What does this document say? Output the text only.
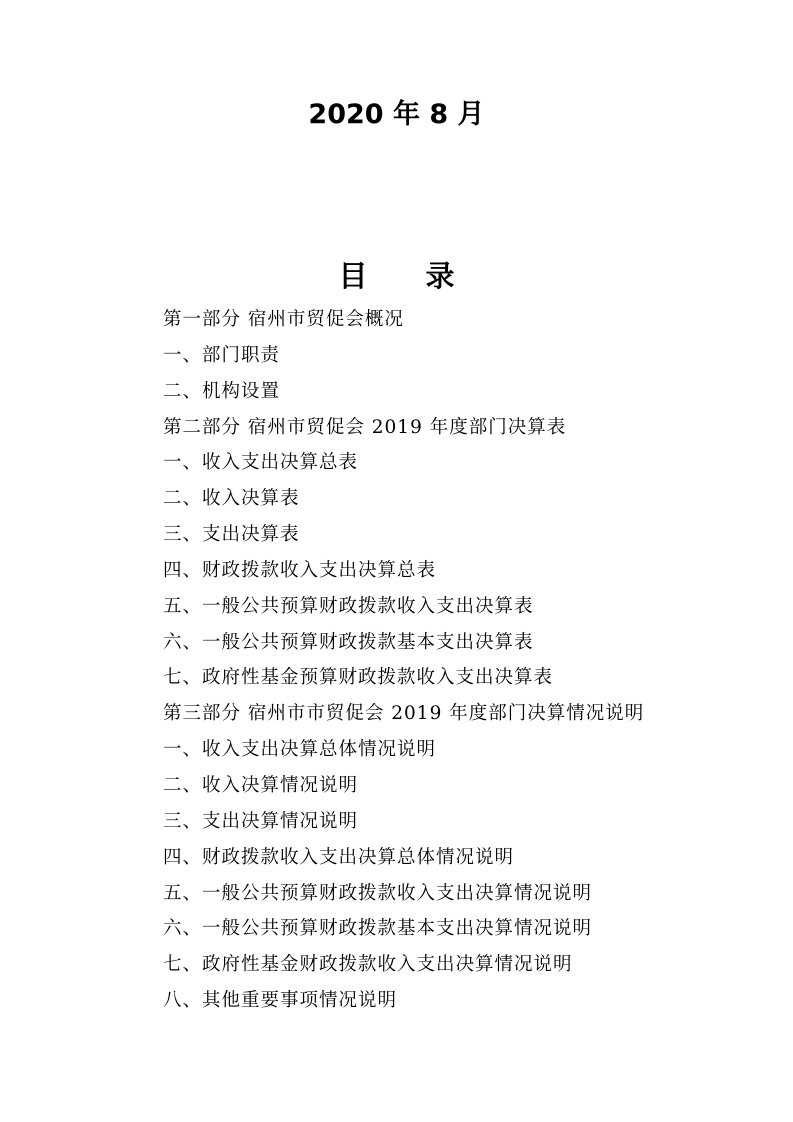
2020 年 8 月
目 录
第一部分 宿州市贸促会概况
一、部门职责
二、机构设置
第二部分 宿州市贸促会 2019 年度部门决算表
一、收入支出决算总表
二、收入决算表
三、支出决算表
四、财政拨款收入支出决算总表
五、一般公共预算财政拨款收入支出决算表
六、一般公共预算财政拨款基本支出决算表
七、政府性基金预算财政拨款收入支出决算表
第三部分 宿州市市贸促会 2019 年度部门决算情况说明
一、收入支出决算总体情况说明
二、收入决算情况说明
三、支出决算情况说明
四、财政拨款收入支出决算总体情况说明
五、一般公共预算财政拨款收入支出决算情况说明
六、一般公共预算财政拨款基本支出决算情况说明
七、政府性基金财政拨款收入支出决算情况说明
八、其他重要事项情况说明
